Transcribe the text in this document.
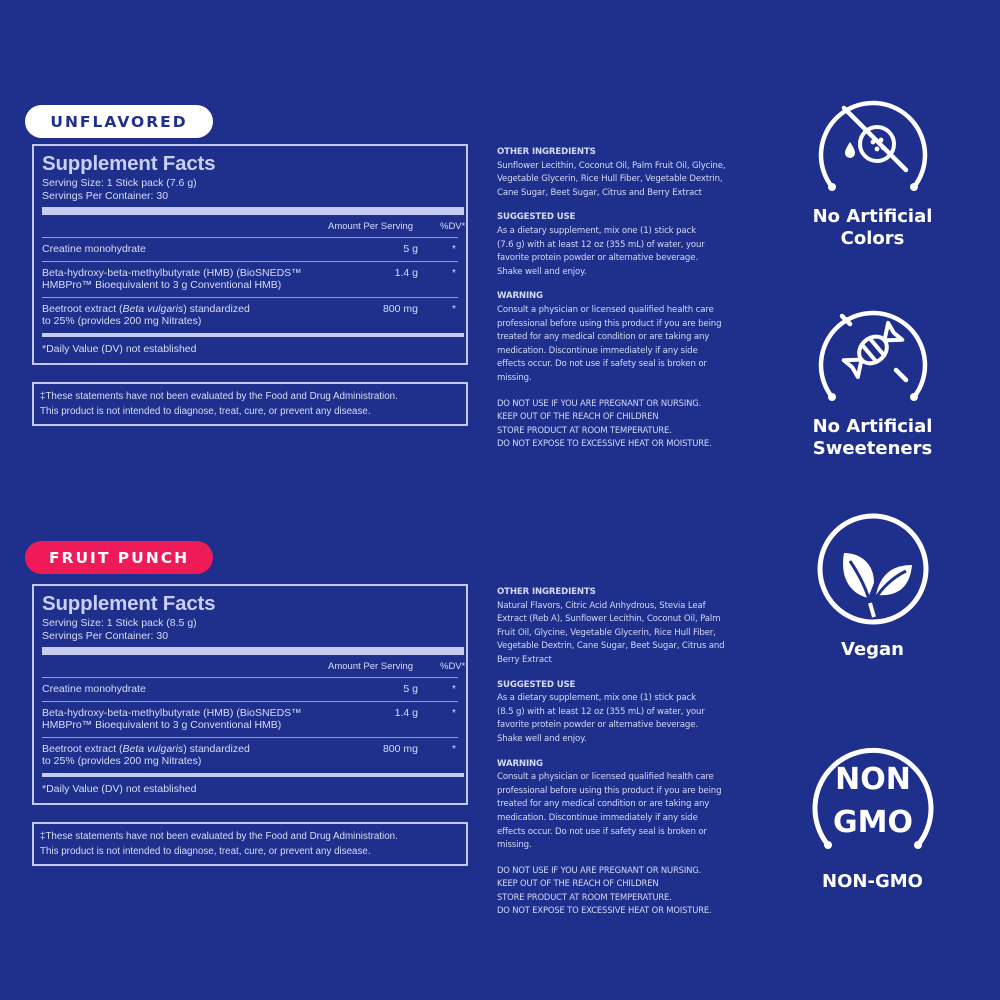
UNFLAVORED
Supplement Facts
Serving Size: 1 Stick pack (7.6 g)
Servings Per Container: 30
Amount Per Serving	%DV*
Creatine monohydrate	5 g	*
Beta-hydroxy-beta-methylbutyrate (HMB) (BioSNEDS™
HMBPro™ Bioequivalent to 3 g Conventional HMB)
1.4 g	*
Beetroot extract (Beta vulgaris) standardized
to 25% (provides 200 mg Nitrates)
800 mg	*
*Daily Value (DV) not established
‡These statements have not been evaluated by the Food and Drug Administration.
This product is not intended to diagnose, treat, cure, or prevent any disease.
OTHER INGREDIENTS

Sunflower Lecithin, Coconut Oil, Palm Fruit Oil, Glycine,
Vegetable Glycerin, Rice Hull Fiber, Vegetable Dextrin,
Cane Sugar, Beet Sugar, Citrus and Berry Extract

SUGGESTED USE

As a dietary supplement, mix one (1) stick pack
(7.6 g) with at least 12 oz (355 mL) of water, your
favorite protein powder or alternative beverage.
Shake well and enjoy.

WARNING

Consult a physician or licensed qualified health care
professional before using this product if you are being
treated for any medical condition or are taking any
medication. Discontinue immediately if any side
effects occur. Do not use if safety seal is broken or
missing.

DO NOT USE IF YOU ARE PREGNANT OR NURSING.
KEEP OUT OF THE REACH OF CHILDREN
STORE PRODUCT AT ROOM TEMPERATURE.
DO NOT EXPOSE TO EXCESSIVE HEAT OR MOISTURE.

FRUIT PUNCH
Supplement Facts
Serving Size: 1 Stick pack (8.5 g)
Servings Per Container: 30
Amount Per Serving	%DV*
Creatine monohydrate	5 g	*
Beta-hydroxy-beta-methylbutyrate (HMB) (BioSNEDS™
HMBPro™ Bioequivalent to 3 g Conventional HMB)
1.4 g	*
Beetroot extract (Beta vulgaris) standardized
to 25% (provides 200 mg Nitrates)
800 mg	*
*Daily Value (DV) not established
‡These statements have not been evaluated by the Food and Drug Administration.
This product is not intended to diagnose, treat, cure, or prevent any disease.
OTHER INGREDIENTS

Natural Flavors, Citric Acid Anhydrous, Stevia Leaf
Extract (Reb A), Sunflower Lecithin, Coconut Oil, Palm
Fruit Oil, Glycine, Vegetable Glycerin, Rice Hull Fiber,
Vegetable Dextrin, Cane Sugar, Beet Sugar, Citrus and
Berry Extract

SUGGESTED USE

As a dietary supplement, mix one (1) stick pack
(8.5 g) with at least 12 oz (355 mL) of water, your
favorite protein powder or alternative beverage.
Shake well and enjoy.

WARNING

Consult a physician or licensed qualified health care
professional before using this product if you are being
treated for any medical condition or are taking any
medication. Discontinue immediately if any side
effects occur. Do not use if safety seal is broken or
missing.

DO NOT USE IF YOU ARE PREGNANT OR NURSING.
KEEP OUT OF THE REACH OF CHILDREN
STORE PRODUCT AT ROOM TEMPERATURE.
DO NOT EXPOSE TO EXCESSIVE HEAT OR MOISTURE.

No Artificial
Colors
No Artificial
Sweeteners
Vegan
NON
GMO
NON-GMO
